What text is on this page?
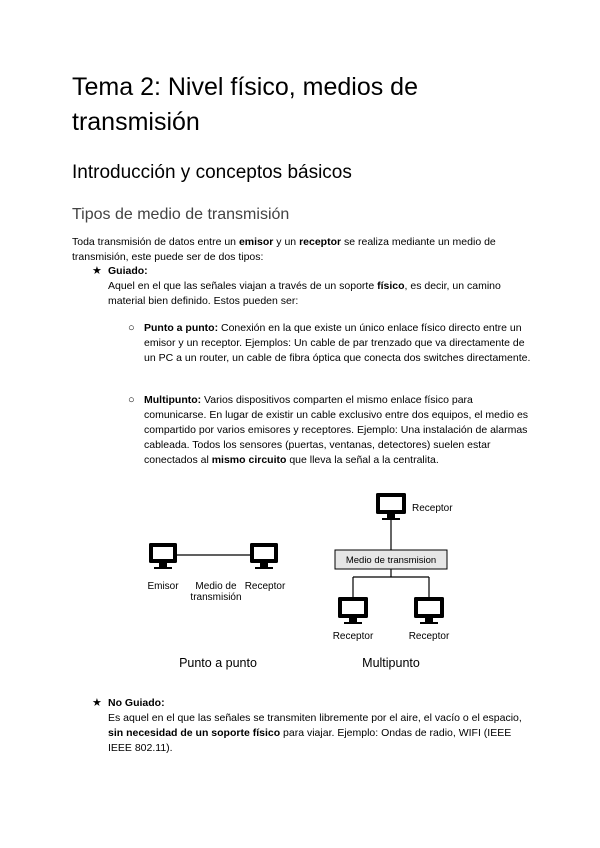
Tema 2: Nivel físico, medios de transmisión
Introducción y conceptos básicos
Tipos de medio de transmisión
Toda transmisión de datos entre un emisor y un receptor se realiza mediante un medio de transmisión, este puede ser de dos tipos:
★ Guiado:
Aquel en el que las señales viajan a través de un soporte físico, es decir, un camino material bien definido. Estos pueden ser:
○ Punto a punto: Conexión en la que existe un único enlace físico directo entre un emisor y un receptor. Ejemplos: Un cable de par trenzado que va directamente de un PC a un router, un cable de fibra óptica que conecta dos switches directamente.
○ Multipunto: Varios dispositivos comparten el mismo enlace físico para comunicarse. En lugar de existir un cable exclusivo entre dos equipos, el medio es compartido por varios emisores y receptores. Ejemplo: Una instalación de alarmas cableada. Todos los sensores (puertas, ventanas, detectores) suelen estar conectados al mismo circuito que lleva la señal a la centralita.
Emisor Medio de
transmisión
Receptor
Punto a punto
Receptor
Medio de transmision
Receptor	Receptor
Multipunto
★ No Guiado:
Es aquel en el que las señales se transmiten libremente por el aire, el vacío o el espacio, sin necesidad de un soporte físico para viajar. Ejemplo: Ondas de radio, WIFI (IEEE IEEE 802.11).
